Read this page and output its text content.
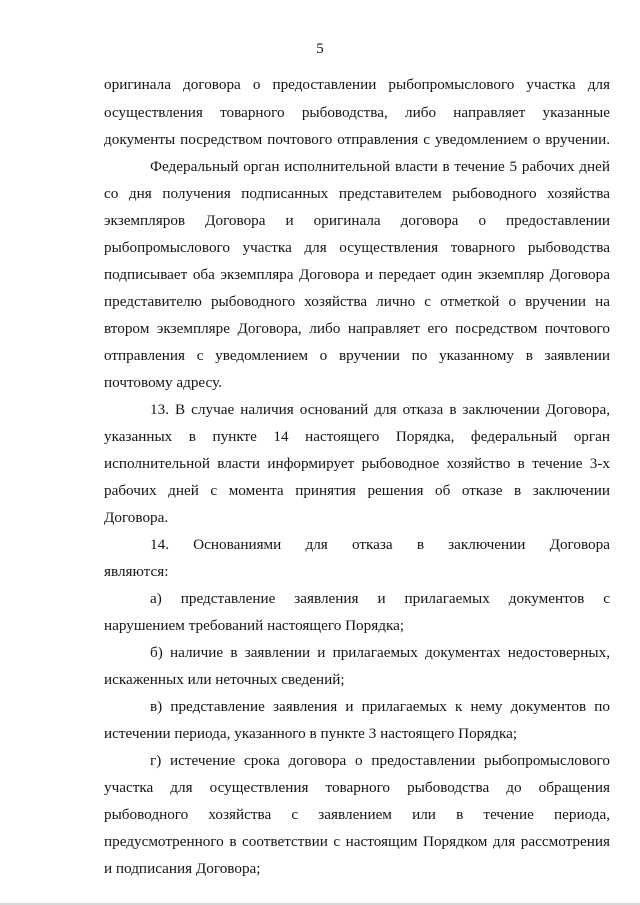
5
оригинала договора о предоставлении рыбопромыслового участка для
осуществления товарного рыбоводства, либо направляет указанные
документы посредством почтового отправления с уведомлением о вручении.
Федеральный орган исполнительной власти в течение 5 рабочих дней
со дня получения подписанных представителем рыбоводного хозяйства
экземпляров Договора и оригинала договора о предоставлении
рыбопромыслового участка для осуществления товарного рыбоводства
подписывает оба экземпляра Договора и передает один экземпляр Договора
представителю рыбоводного хозяйства лично с отметкой о вручении на
втором экземпляре Договора, либо направляет его посредством почтового
отправления с уведомлением о вручении по указанному в заявлении
почтовому адресу.
13. В случае наличия оснований для отказа в заключении Договора,
указанных в пункте 14 настоящего Порядка, федеральный орган
исполнительной власти информирует рыбоводное хозяйство в течение 3-х
рабочих дней с момента принятия решения об отказе в заключении
Договора.
14. Основаниями для отказа в заключении Договора
являются:
а) представление заявления и прилагаемых документов с
нарушением требований настоящего Порядка;
б) наличие в заявлении и прилагаемых документах недостоверных,
искаженных или неточных сведений;
в) представление заявления и прилагаемых к нему документов по
истечении периода, указанного в пункте 3 настоящего Порядка;
г) истечение срока договора о предоставлении рыбопромыслового
участка для осуществления товарного рыбоводства до обращения
рыбоводного хозяйства с заявлением или в течение периода,
предусмотренного в соответствии с настоящим Порядком для рассмотрения
и подписания Договора;
